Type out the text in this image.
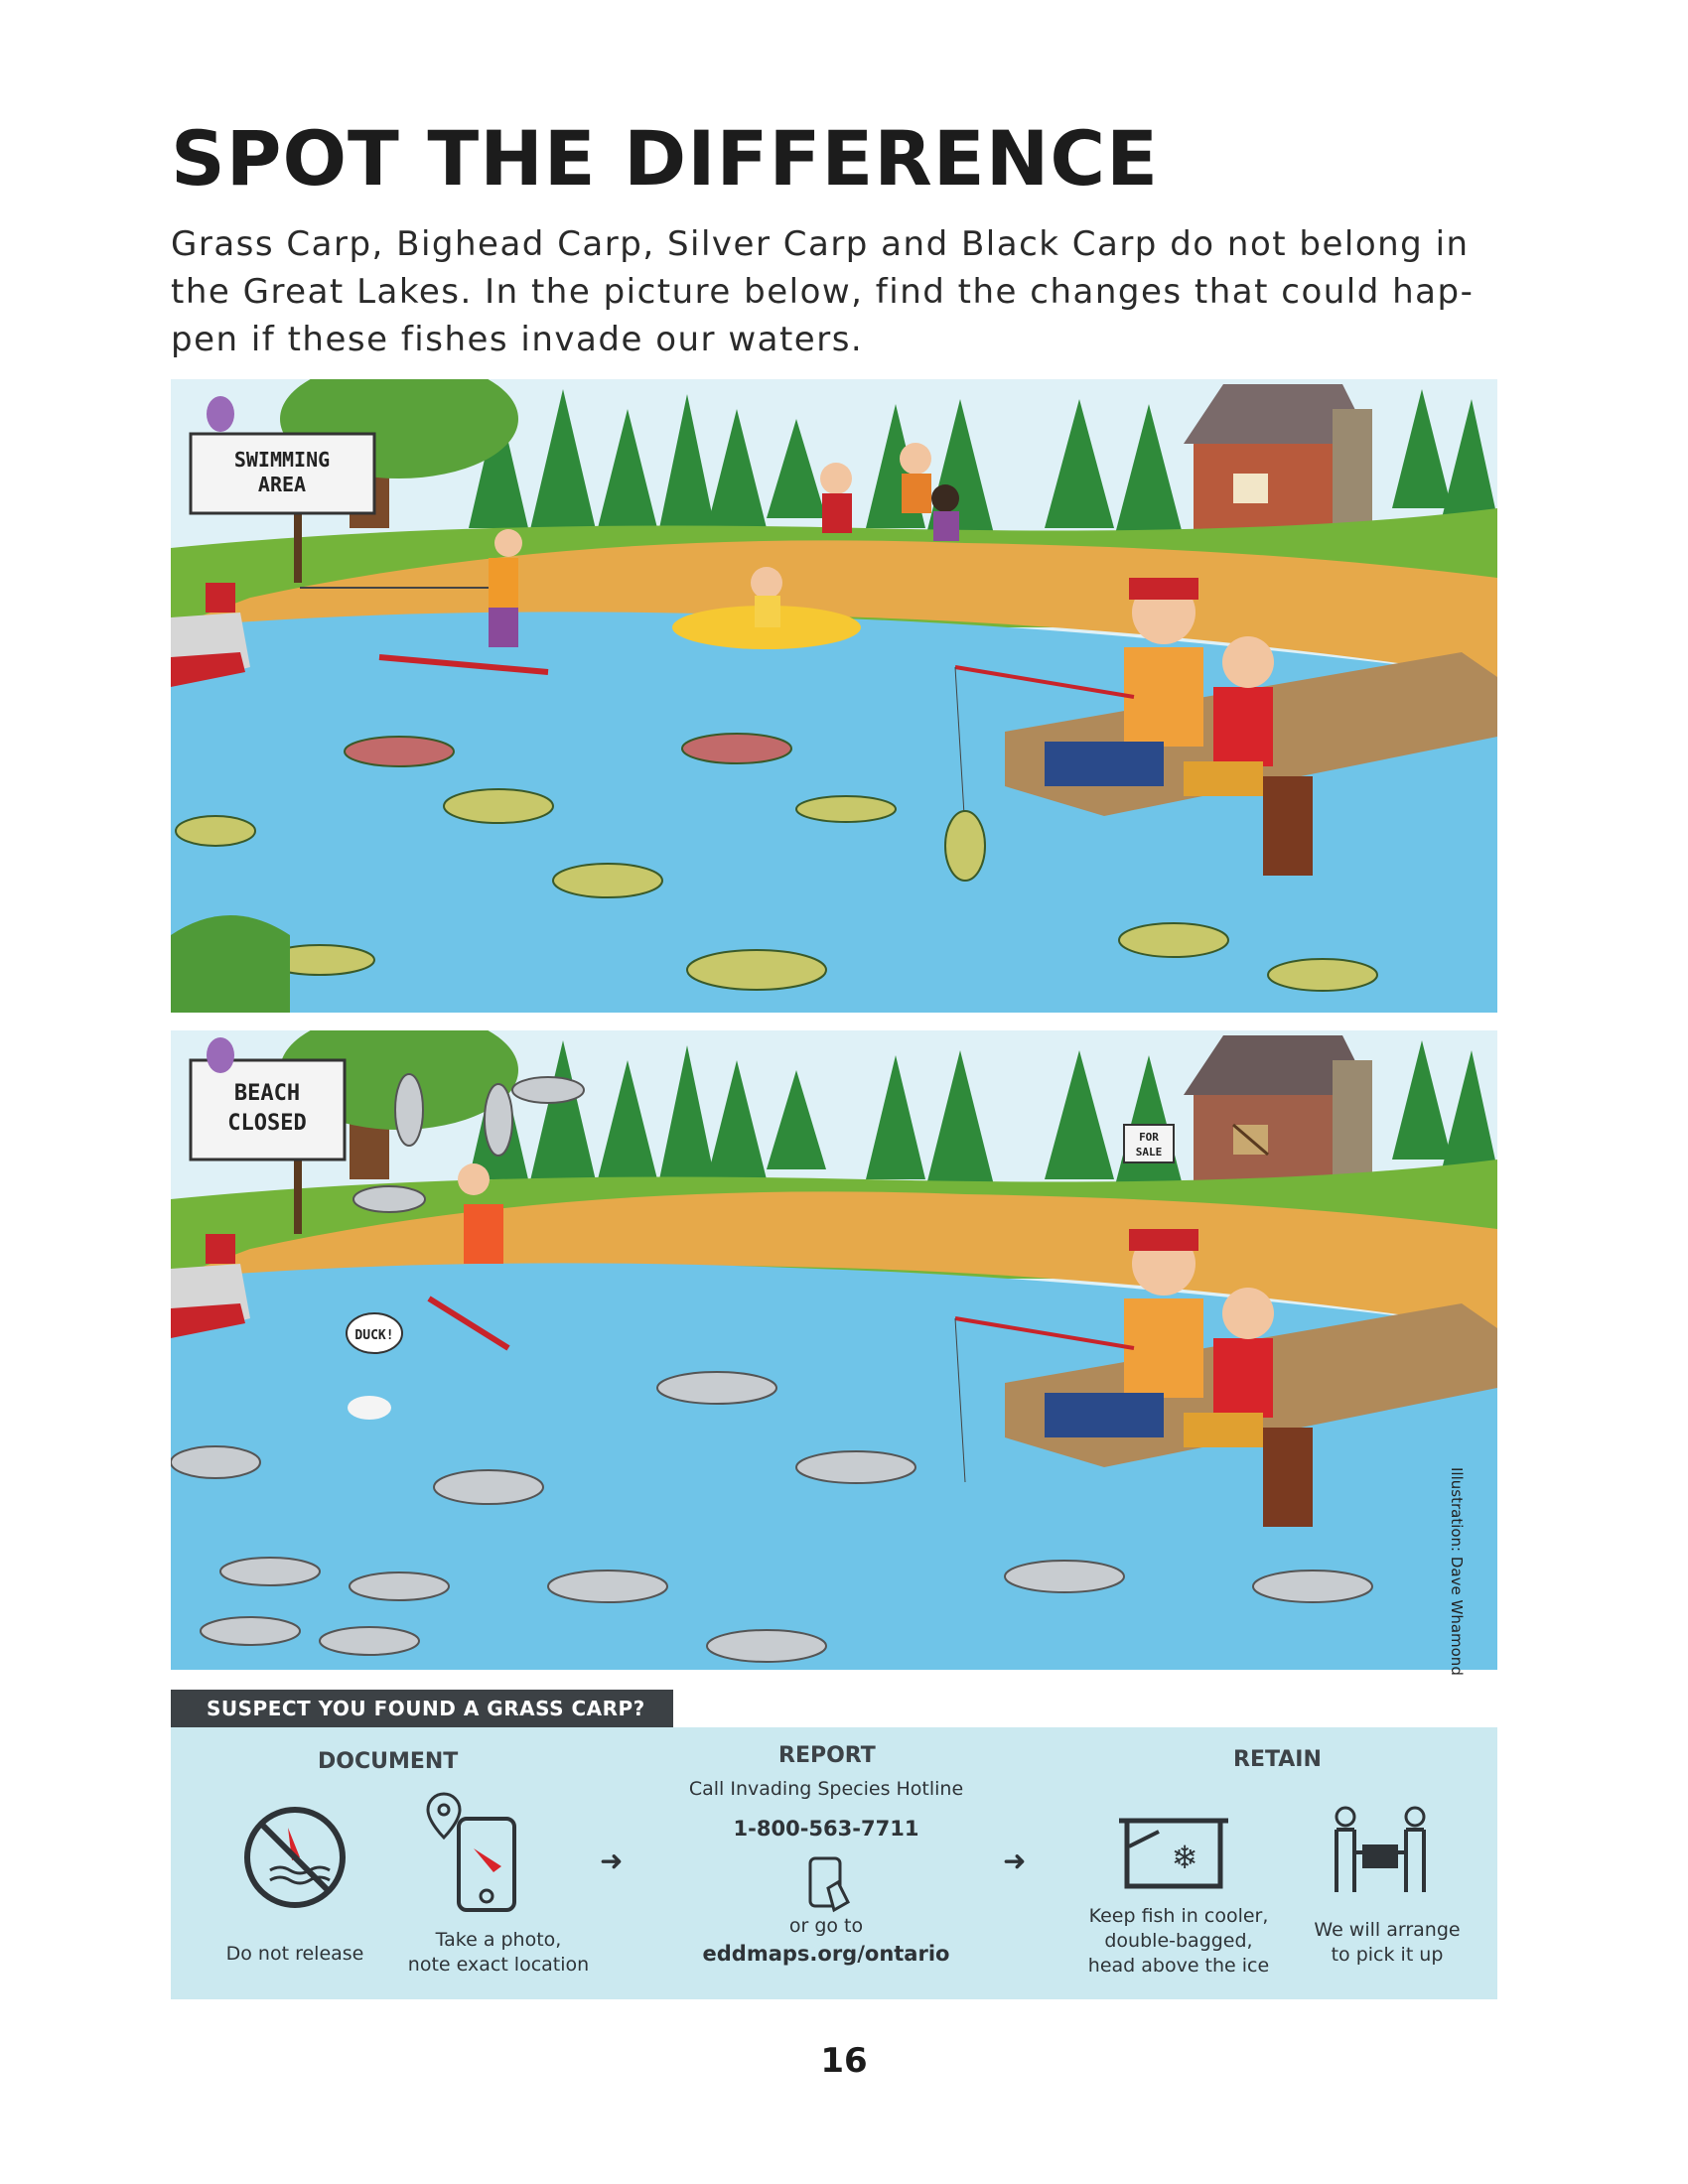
SPOT THE DIFFERENCE

Grass Carp, Bighead Carp, Silver Carp and Black Carp do not belong in the Great Lakes. In the picture below, find the changes that could hap-pen if these fishes invade our waters.

SWIMMING
AREA
BEACH
CLOSED
FOR
SALE
DUCK!
Illustration: Dave Whamond
SUSPECT YOU FOUND A GRASS CARP?
DOCUMENT
Do not release
Take a photo,
note exact location
➜
REPORT
Call Invading Species Hotline
1-800-563-7711
or go to
eddmaps.org/ontario
➜
RETAIN
❄
Keep fish in cooler,
double-bagged,
head above the ice
We will arrange
to pick it up
16
